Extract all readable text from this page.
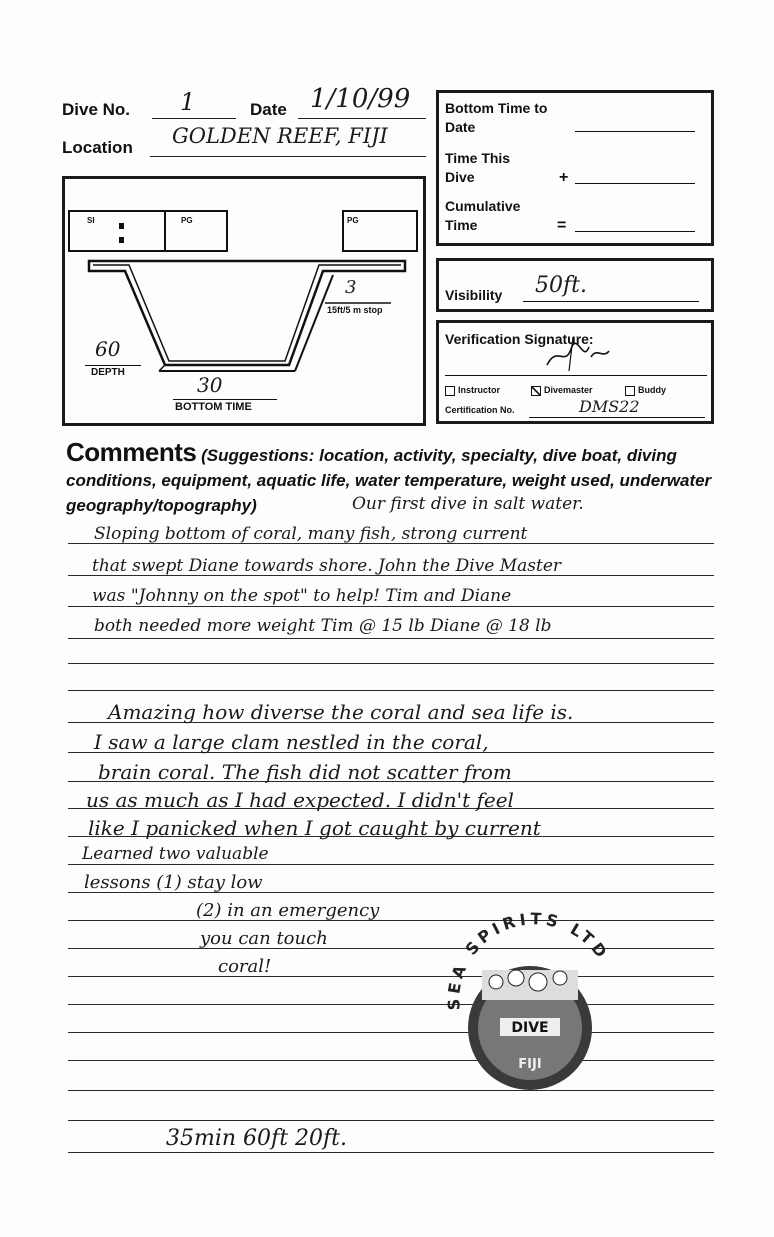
Dive No. 1	Date 1/10/99
Location GOLDEN REEF, FIJI
SI	PG	PG
3
15ft/5 m stop
60
DEPTH
30
BOTTOM TIME
Bottom Time to Date
Time This Dive	+
Cumulative Time	=
Visibility 50ft.
Verification Signature:
Instructor	Divemaster	Buddy
Certification No.	DMS22
Comments (Suggestions: location, activity, specialty, dive boat, diving conditions, equipment, aquatic life, water temperature, weight used, underwater geography/topography)	Our first dive in salt water.
Sloping bottom of coral, many fish, strong current
that swept Diane towards shore. John the Dive Master
was "Johnny on the spot" to help! Tim and Diane
both needed more weight Tim @ 15 lb Diane @ 18 lb
Amazing how diverse the coral and sea life is.
I saw a large clam nestled in the coral,
brain coral. The fish did not scatter from
us as much as I had expected. I didn't feel
like I panicked when I got caught by current
Learned two valuable
lessons (1) stay low
(2) in an emergency
you can touch
coral!
35min 60ft 20ft.
SEA SPIRITS LTD
DIVE
FIJI
